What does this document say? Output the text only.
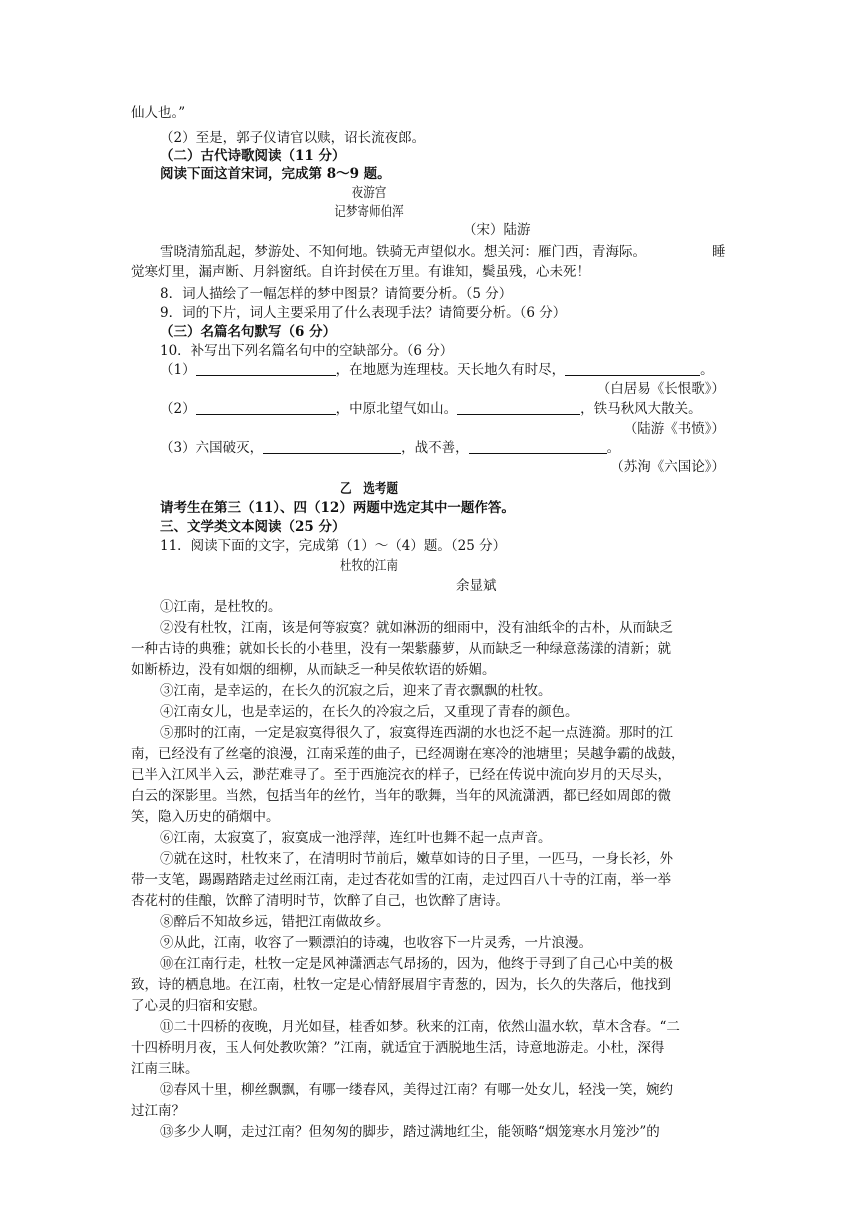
仙人也。”
（2）至是，郭子仪请官以赎，诏长流夜郎。
（二）古代诗歌阅读（11 分）
阅读下面这首宋词，完成第 8～9 题。
夜游宫
记梦寄师伯浑
（宋）陆游
雪晓清笳乱起，梦游处、不知何地。铁骑无声望似水。想关河：雁门西，青海际。	睡
觉寒灯里，漏声断、月斜窗纸。自许封侯在万里。有谁知，鬓虽残，心未死！
8．词人描绘了一幅怎样的梦中图景？请简要分析。（5 分）
9．词的下片，词人主要采用了什么表现手法？请简要分析。（6 分）
（三）名篇名句默写（6 分）
10．补写出下列名篇名句中的空缺部分。（6 分）
（1）	，在地愿为连理枝。天长地久有时尽，	。
（白居易《长恨歌》）
（2）	，中原北望气如山。	，铁马秋风大散关。
（陆游《书愤》）
（3）六国破灭，	，战不善，	。
（苏洵《六国论》）
乙　选考题
请考生在第三（11）、四（12）两题中选定其中一题作答。
三、文学类文本阅读（25 分）
11．阅读下面的文字，完成第（1）～（4）题。（25 分）
杜牧的江南
余显斌
①江南，是杜牧的。
②没有杜牧，江南，该是何等寂寞？就如淋沥的细雨中，没有油纸伞的古朴，从而缺乏
一种古诗的典雅；就如长长的小巷里，没有一架紫藤萝，从而缺乏一种绿意荡漾的清新；就
如断桥边，没有如烟的细柳，从而缺乏一种吴侬软语的娇媚。
③江南，是幸运的，在长久的沉寂之后，迎来了青衣飘飘的杜牧。
④江南女儿，也是幸运的，在长久的冷寂之后，又重现了青春的颜色。
⑤那时的江南，一定是寂寞得很久了，寂寞得连西湖的水也泛不起一点涟漪。那时的江
南，已经没有了丝毫的浪漫，江南采莲的曲子，已经凋谢在寒冷的池塘里；吴越争霸的战鼓，
已半入江风半入云，渺茫难寻了。至于西施浣衣的样子，已经在传说中流向岁月的天尽头，
白云的深影里。当然，包括当年的丝竹，当年的歌舞，当年的风流潇洒，都已经如周郎的微
笑，隐入历史的硝烟中。
⑥江南，太寂寞了，寂寞成一池浮萍，连红叶也舞不起一点声音。
⑦就在这时，杜牧来了，在清明时节前后，嫩草如诗的日子里，一匹马，一身长衫，外
带一支笔，踢踢踏踏走过丝雨江南，走过杏花如雪的江南，走过四百八十寺的江南，举一举
杏花村的佳酿，饮醉了清明时节，饮醉了自己，也饮醉了唐诗。
⑧醉后不知故乡远，错把江南做故乡。
⑨从此，江南，收容了一颗漂泊的诗魂，也收容下一片灵秀，一片浪漫。
⑩在江南行走，杜牧一定是风神潇洒志气昂扬的，因为，他终于寻到了自己心中美的极
致，诗的栖息地。在江南，杜牧一定是心情舒展眉宇青葱的，因为，长久的失落后，他找到
了心灵的归宿和安慰。
⑪二十四桥的夜晚，月光如昼，桂香如梦。秋来的江南，依然山温水软，草木含春。“二
十四桥明月夜，玉人何处教吹箫？”江南，就适宜于洒脱地生活，诗意地游走。小杜，深得
江南三昧。
⑫春风十里，柳丝飘飘，有哪一缕春风，美得过江南？有哪一处女儿，轻浅一笑，婉约
过江南？
⑬多少人啊，走过江南？但匆匆的脚步，踏过满地红尘，能领略“烟笼寒水月笼沙”的
